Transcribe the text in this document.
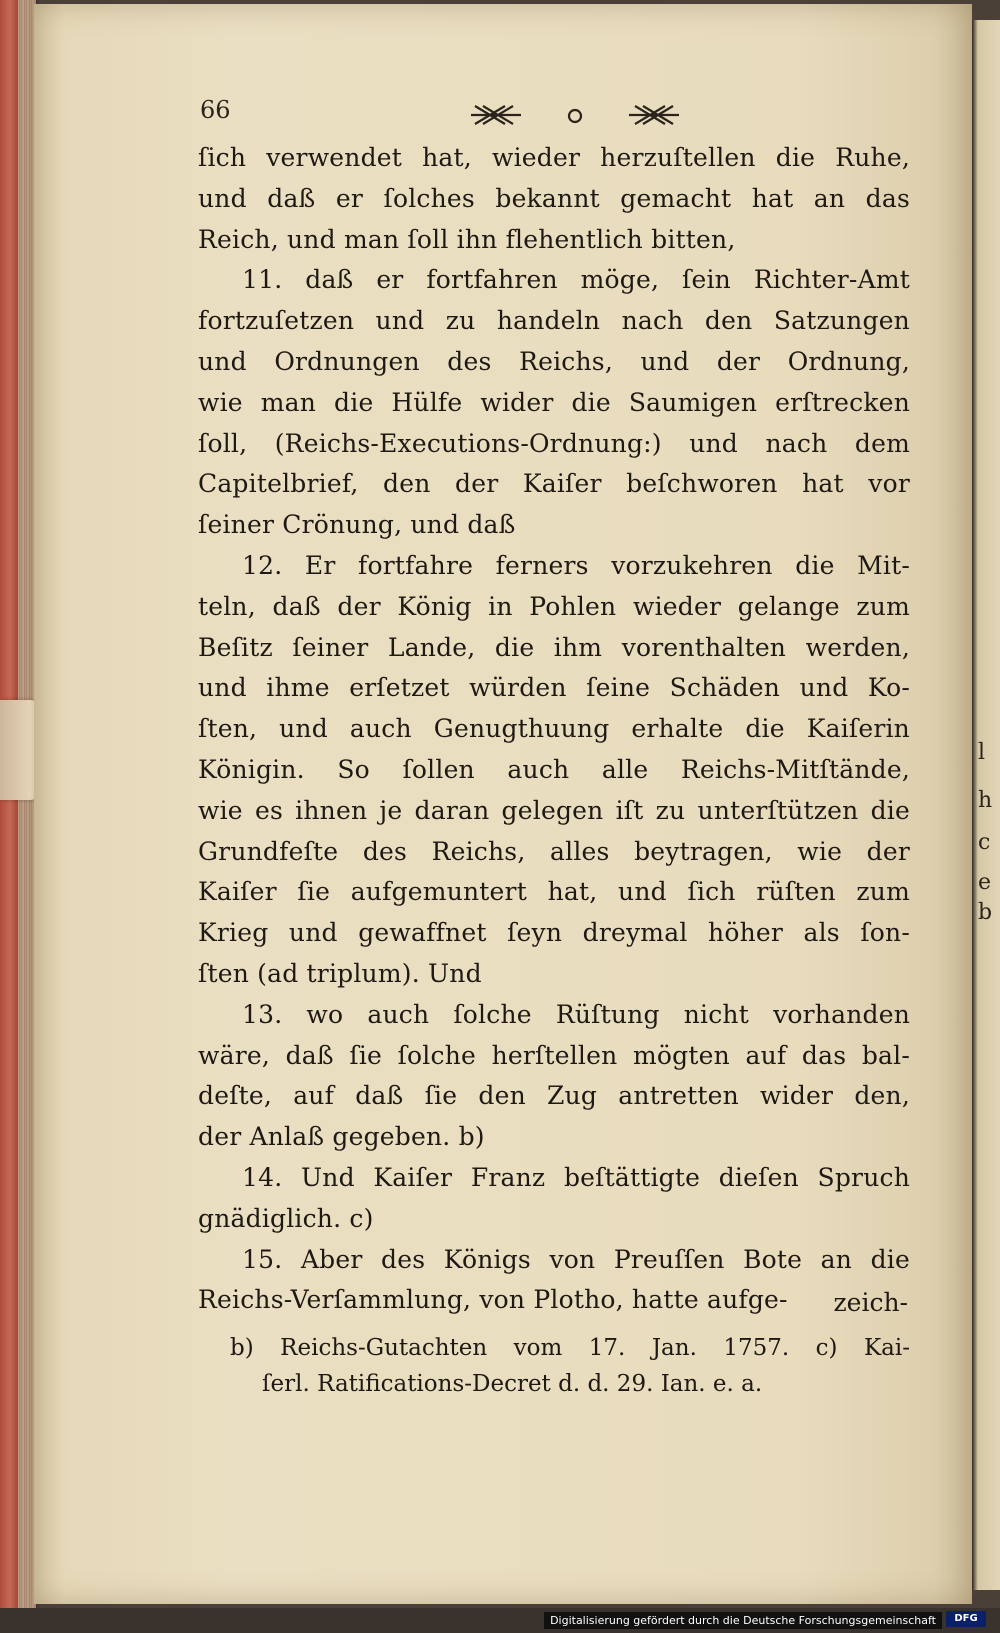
l
h
c
e
b
66
ſich verwendet hat, wieder herzuſtellen die Ruhe,
und daß er ſolches bekannt gemacht hat an das
Reich, und man ſoll ihn flehentlich bitten,
11. daß er fortfahren möge, ſein Richter-Amt
fortzuſetzen und zu handeln nach den Satzungen
und Ordnungen des Reichs, und der Ordnung,
wie man die Hülfe wider die Saumigen erſtrecken
ſoll, (Reichs-Executions-Ordnung:) und nach dem
Capitelbrief, den der Kaiſer beſchworen hat vor
ſeiner Crönung, und daß
12. Er fortfahre ferners vorzukehren die Mit-
teln, daß der König in Pohlen wieder gelange zum
Beſitz ſeiner Lande, die ihm vorenthalten werden,
und ihme erſetzet würden ſeine Schäden und Ko-
ſten, und auch Genugthuung erhalte die Kaiſerin
Königin. So ſollen auch alle Reichs-Mitſtände,
wie es ihnen je daran gelegen iſt zu unterſtützen die
Grundfeſte des Reichs, alles beytragen, wie der
Kaiſer ſie aufgemuntert hat, und ſich rüſten zum
Krieg und gewaffnet ſeyn dreymal höher als ſon-
ſten (ad triplum). Und
13. wo auch ſolche Rüſtung nicht vorhanden
wäre, daß ſie ſolche herſtellen mögten auf das bal-
deſte, auf daß ſie den Zug antretten wider den,
der Anlaß gegeben. b)
14. Und Kaiſer Franz beſtättigte dieſen Spruch
gnädiglich. c)
15. Aber des Königs von Preuſſen Bote an die
Reichs-Verſammlung, von Plotho, hatte aufge-	zeich-
b) Reichs-Gutachten vom 17. Jan. 1757. c) Kai-
ſerl. Ratifications-Decret d. d. 29. Ian. e. a.
Digitalisierung gefördert durch die Deutsche Forschungsgemeinschaft	DFG
